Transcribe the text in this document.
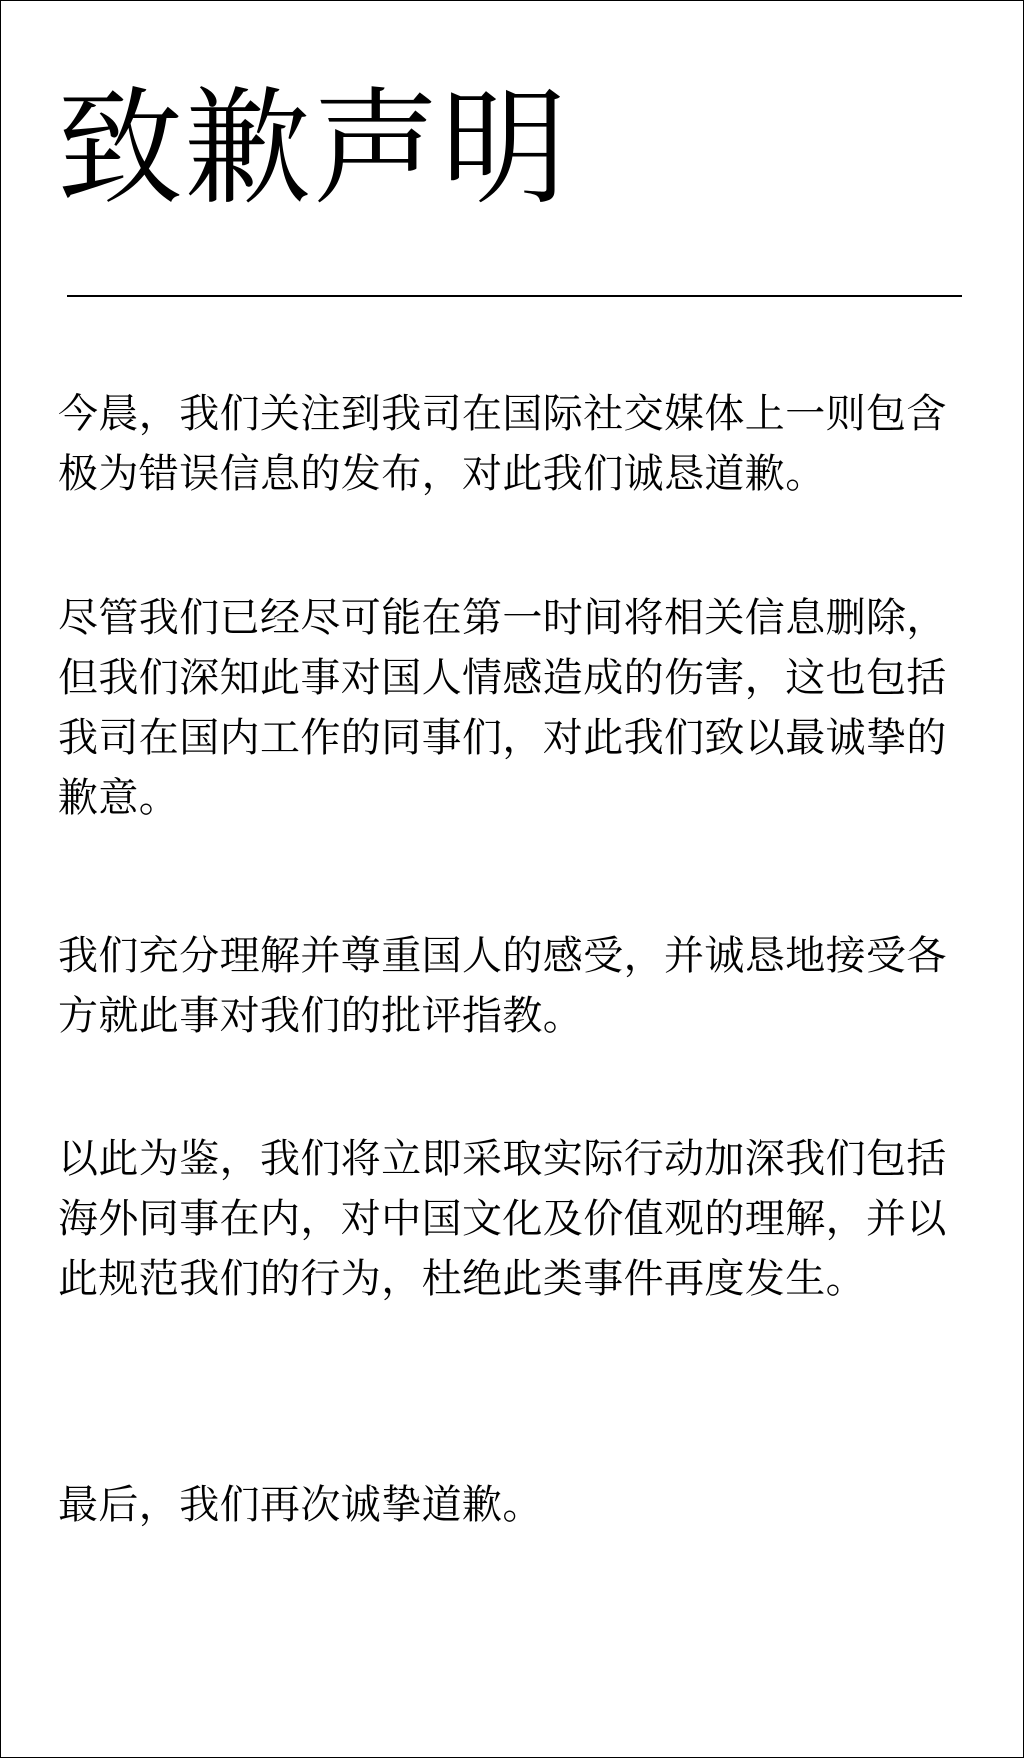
致歉声明

今晨，我们关注到我司在国际社交媒体上一则包含
极为错误信息的发布，对此我们诚恳道歉。

尽管我们已经尽可能在第一时间将相关信息删除，
但我们深知此事对国人情感造成的伤害，这也包括
我司在国内工作的同事们，对此我们致以最诚挚的
歉意。

我们充分理解并尊重国人的感受，并诚恳地接受各
方就此事对我们的批评指教。

以此为鉴，我们将立即采取实际行动加深我们包括
海外同事在内，对中国文化及价值观的理解，并以
此规范我们的行为，杜绝此类事件再度发生。

最后，我们再次诚挚道歉。
